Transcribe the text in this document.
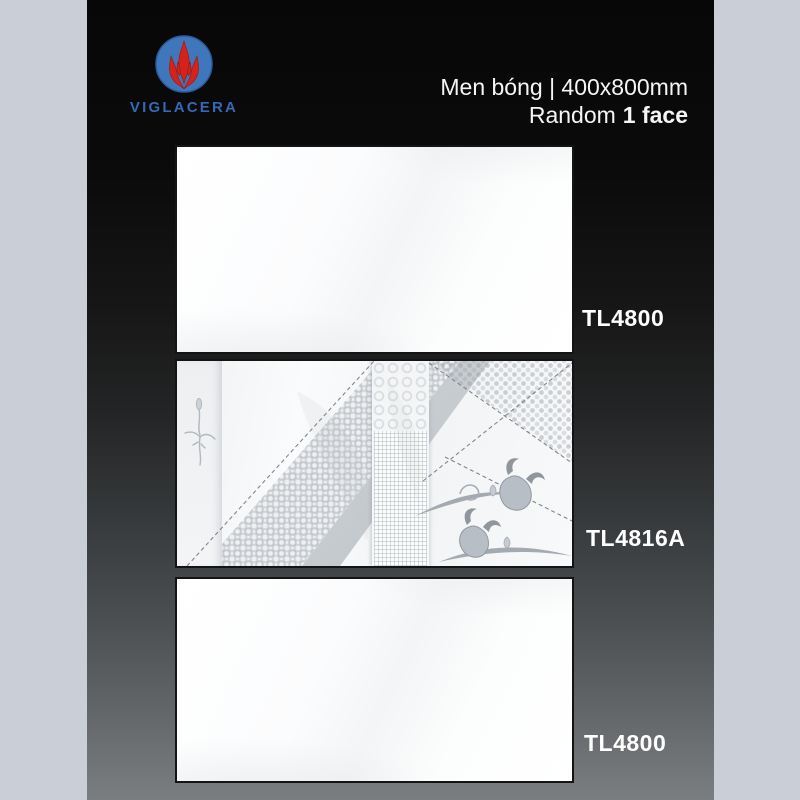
VIGLACERA
Men bóng | 400x800mm
Random 1 face
TL4800
TL4816A
TL4800
